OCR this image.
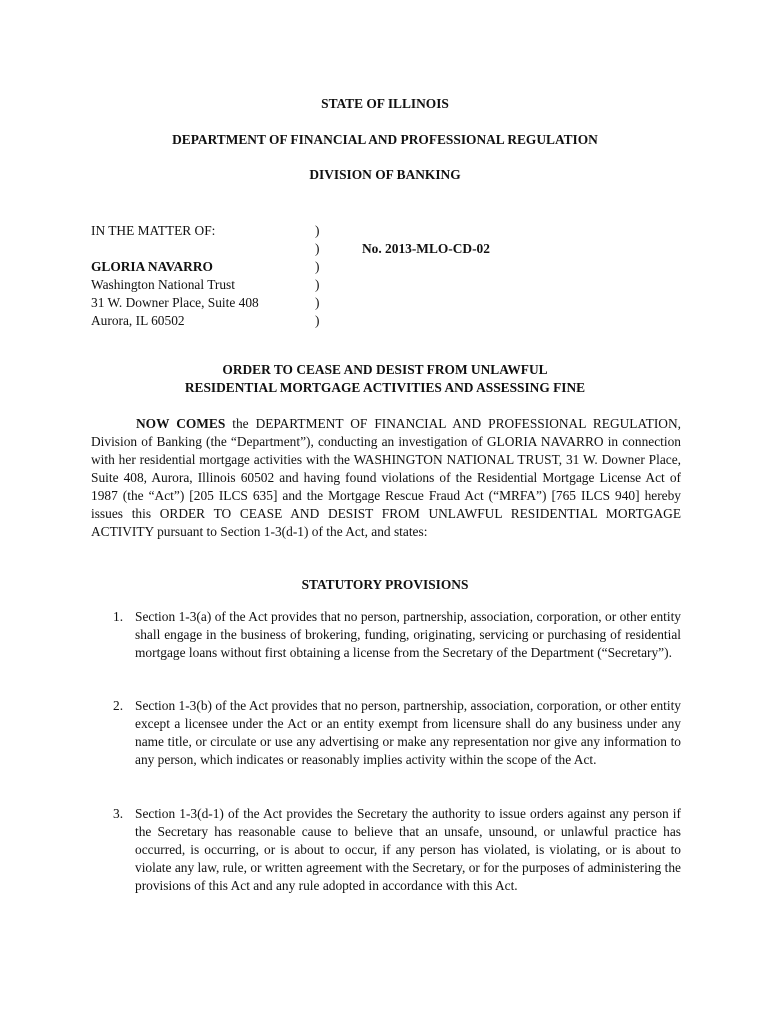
STATE OF ILLINOIS
DEPARTMENT OF FINANCIAL AND PROFESSIONAL REGULATION
DIVISION OF BANKING
IN THE MATTER OF:
GLORIA NAVARRO
Washington National Trust
31 W. Downer Place, Suite 408
Aurora, IL 60502
)
)
)
)
)
)
No. 2013-MLO-CD-02
ORDER TO CEASE AND DESIST FROM UNLAWFUL
RESIDENTIAL MORTGAGE ACTIVITIES AND ASSESSING FINE
NOW COMES the DEPARTMENT OF FINANCIAL AND PROFESSIONAL REGULATION, Division of Banking (the “Department”), conducting an investigation of GLORIA NAVARRO in connection with her residential mortgage activities with the WASHINGTON NATIONAL TRUST, 31 W. Downer Place, Suite 408, Aurora, Illinois 60502 and having found violations of the Residential Mortgage License Act of 1987 (the “Act”) [205 ILCS 635] and the Mortgage Rescue Fraud Act (“MRFA”) [765 ILCS 940] hereby issues this ORDER TO CEASE AND DESIST FROM UNLAWFUL RESIDENTIAL MORTGAGE ACTIVITY pursuant to Section 1-3(d-1) of the Act, and states:
STATUTORY PROVISIONS
1. Section 1-3(a) of the Act provides that no person, partnership, association, corporation, or other entity shall engage in the business of brokering, funding, originating, servicing or purchasing of residential mortgage loans without first obtaining a license from the Secretary of the Department (“Secretary”).
2. Section 1-3(b) of the Act provides that no person, partnership, association, corporation, or other entity except a licensee under the Act or an entity exempt from licensure shall do any business under any name title, or circulate or use any advertising or make any representation nor give any information to any person, which indicates or reasonably implies activity within the scope of the Act.
3. Section 1-3(d-1) of the Act provides the Secretary the authority to issue orders against any person if the Secretary has reasonable cause to believe that an unsafe, unsound, or unlawful practice has occurred, is occurring, or is about to occur, if any person has violated, is violating, or is about to violate any law, rule, or written agreement with the Secretary, or for the purposes of administering the provisions of this Act and any rule adopted in accordance with this Act.
